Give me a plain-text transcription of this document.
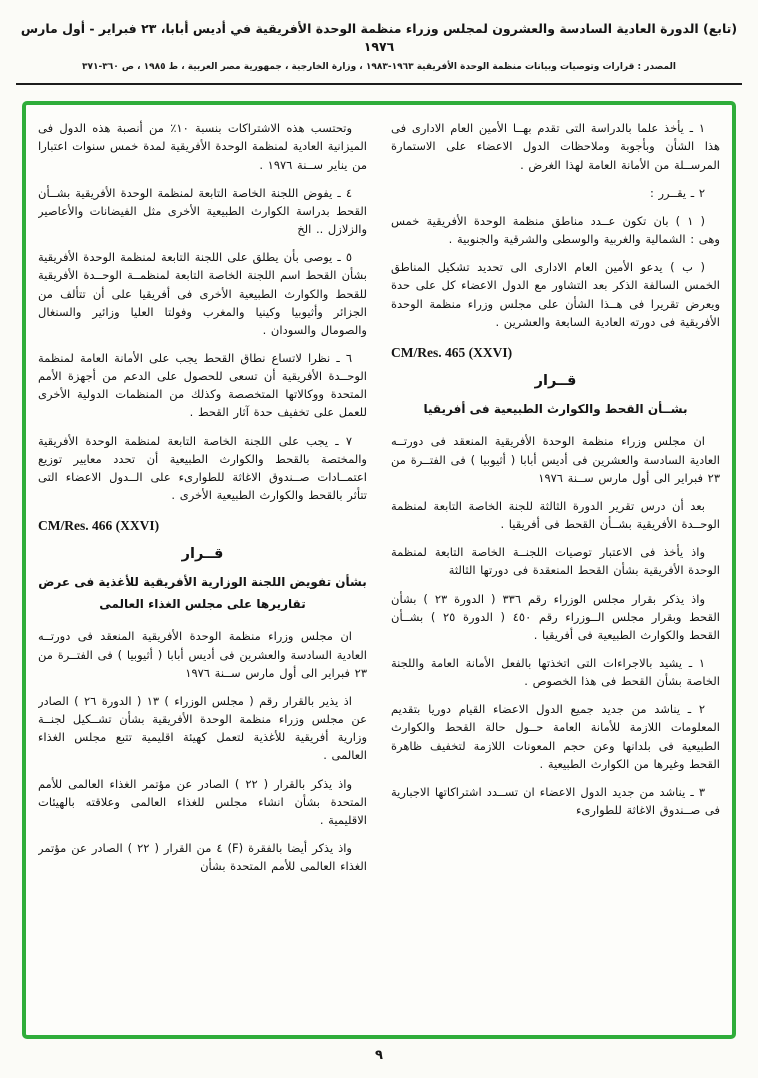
(تابع) الدورة العادية السادسة والعشرون لمجلس وزراء منظمة الوحدة الأفريقية في أديس أبابا، ٢٣ فبراير - أول مارس ١٩٧٦
المصدر : قرارات وتوصيات وبيانات منظمة الوحدة الأفريقية ١٩٦٣-١٩٨٣ ، وزارة الخارجية ، جمهورية مصر العربية ، ط ١٩٨٥ ، ص ٣٦٠-٣٧١

١ ـ يأخذ علما بالدراسة التى تقدم بهــا الأمين العام الادارى فى هذا الشأن وبأجوبة وملاحظات الدول الاعضاء على الاستمارة المرســلة من الأمانة العامة لهذا الغرض .

٢ ـ يقــرر :

( ١ ) بان تكون عــدد مناطق منظمة الوحدة الأفريقية خمس وهى : الشمالية والغربية والوسطى والشرقية والجنوبية .

( ب ) يدعو الأمين العام الادارى الى تحديد تشكيل المناطق الخمس السالفة الذكر بعد التشاور مع الدول الاعضاء كل على حدة ويعرض تقريرا فى هــذا الشأن على مجلس وزراء منظمة الوحدة الأفريقية فى دورته العادية السابعة والعشرين .

CM/Res. 465 (XXVI)
قــرار
بشــأن القحط والكوارث الطبيعية فى أفريقيا

ان مجلس وزراء منظمة الوحدة الأفريقية المنعقد فى دورتــه العادية السادسة والعشرين فى أديس أبابا ( أثيوبيا ) فى الفتــرة من ٢٣ فبراير الى أول مارس ســنة ١٩٧٦

بعد أن درس تقرير الدورة الثالثة للجنة الخاصة التابعة لمنظمة الوحــدة الأفريقية بشــأن القحط فى أفريقيا .

واذ يأخذ فى الاعتبار توصيات اللجنــة الخاصة التابعة لمنظمة الوحدة الأفريقية بشأن القحط المنعقدة فى دورتها الثالثة

واذ يذكر بقرار مجلس الوزراء رقم ٣٣٦ ( الدورة ٢٣ ) بشأن القحط وبقرار مجلس الــوزراء رقم ٤٥٠ ( الدورة ٢٥ ) بشــأن القحط والكوارث الطبيعية فى أفريقيا .

١ ـ يشيد بالاجراءات التى اتخذتها بالفعل الأمانة العامة واللجنة الخاصة بشأن القحط فى هذا الخصوص .

٢ ـ يناشد من جديد جميع الدول الاعضاء القيام دوريا بتقديم المعلومات اللازمة للأمانة العامة حــول حالة القحط والكوارث الطبيعية فى بلدانها وعن حجم المعونات اللازمة لتخفيف ظاهرة القحط وغيرها من الكوارث الطبيعية .

٣ ـ يناشد من جديد الدول الاعضاء ان تســدد اشتراكاتها الاجبارية فى صــندوق الاغاثة للطوارىء

وتحتسب هذه الاشتراكات بنسبة ١٠٪ من أنصبة هذه الدول فى الميزانية العادية لمنظمة الوحدة الأفريقية لمدة خمس سنوات اعتبارا من يناير ســنة ١٩٧٦ .

٤ ـ يفوض اللجنة الخاصة التابعة لمنظمة الوحدة الأفريقية بشــأن القحط بدراسة الكوارث الطبيعية الأخرى مثل الفيضانات والأعاصير والزلازل .. الخ

٥ ـ يوصى بأن يطلق على اللجنة التابعة لمنظمة الوحدة الأفريقية بشأن القحط اسم اللجنة الخاصة التابعة لمنظمــة الوحــدة الأفريقية للقحط والكوارث الطبيعية الأخرى فى أفريقيا على أن تتألف من الجزائر وأثيوبيا وكينيا والمغرب وفولتا العليا وزائير والسنغال والصومال والسودان .

٦ ـ نظرا لاتساع نطاق القحط يجب على الأمانة العامة لمنظمة الوحــدة الأفريقية أن تسعى للحصول على الدعم من أجهزة الأمم المتحدة ووكالاتها المتخصصة وكذلك من المنظمات الدولية الأخرى للعمل على تخفيف حدة آثار القحط .

٧ ـ يجب على اللجنة الخاصة التابعة لمنظمة الوحدة الأفريقية والمختصة بالقحط والكوارث الطبيعية أن تحدد معايير توزيع اعتمــادات صــندوق الاغاثة للطوارىء على الــدول الاعضاء التى تتأثر بالقحط والكوارث الطبيعية الأخرى .

CM/Res. 466 (XXVI)
قــرار
بشأن تفويض اللجنة الوزارية الأفريقية للأغذية فى عرض تقاريرها على مجلس الغذاء العالمى

ان مجلس وزراء منظمة الوحدة الأفريقية المنعقد فى دورتــه العادية السادسة والعشرين فى أديس أبابا ( أثيوبيا ) فى الفتــرة من ٢٣ فبراير الى أول مارس ســنة ١٩٧٦

اذ يذير بالقرار رقم ( مجلس الوزراء ) ١٣ ( الدورة ٢٦ ) الصادر عن مجلس وزراء منظمة الوحدة الأفريقية بشأن تشــكيل لجنــة وزارية أفريقية للأغذية لتعمل كهيئة اقليمية تتبع مجلس الغذاء العالمى .

واذ يذكر بالقرار ( ٢٢ ) الصادر عن مؤتمر الغذاء العالمى للأمم المتحدة بشأن انشاء مجلس للغذاء العالمى وعلاقته بالهيئات الاقليمية .

واذ يذكر أيضا بالفقرة (F) ٤ من القرار ( ٢٢ ) الصادر عن مؤتمر الغذاء العالمى للأمم المتحدة بشأن

٩
